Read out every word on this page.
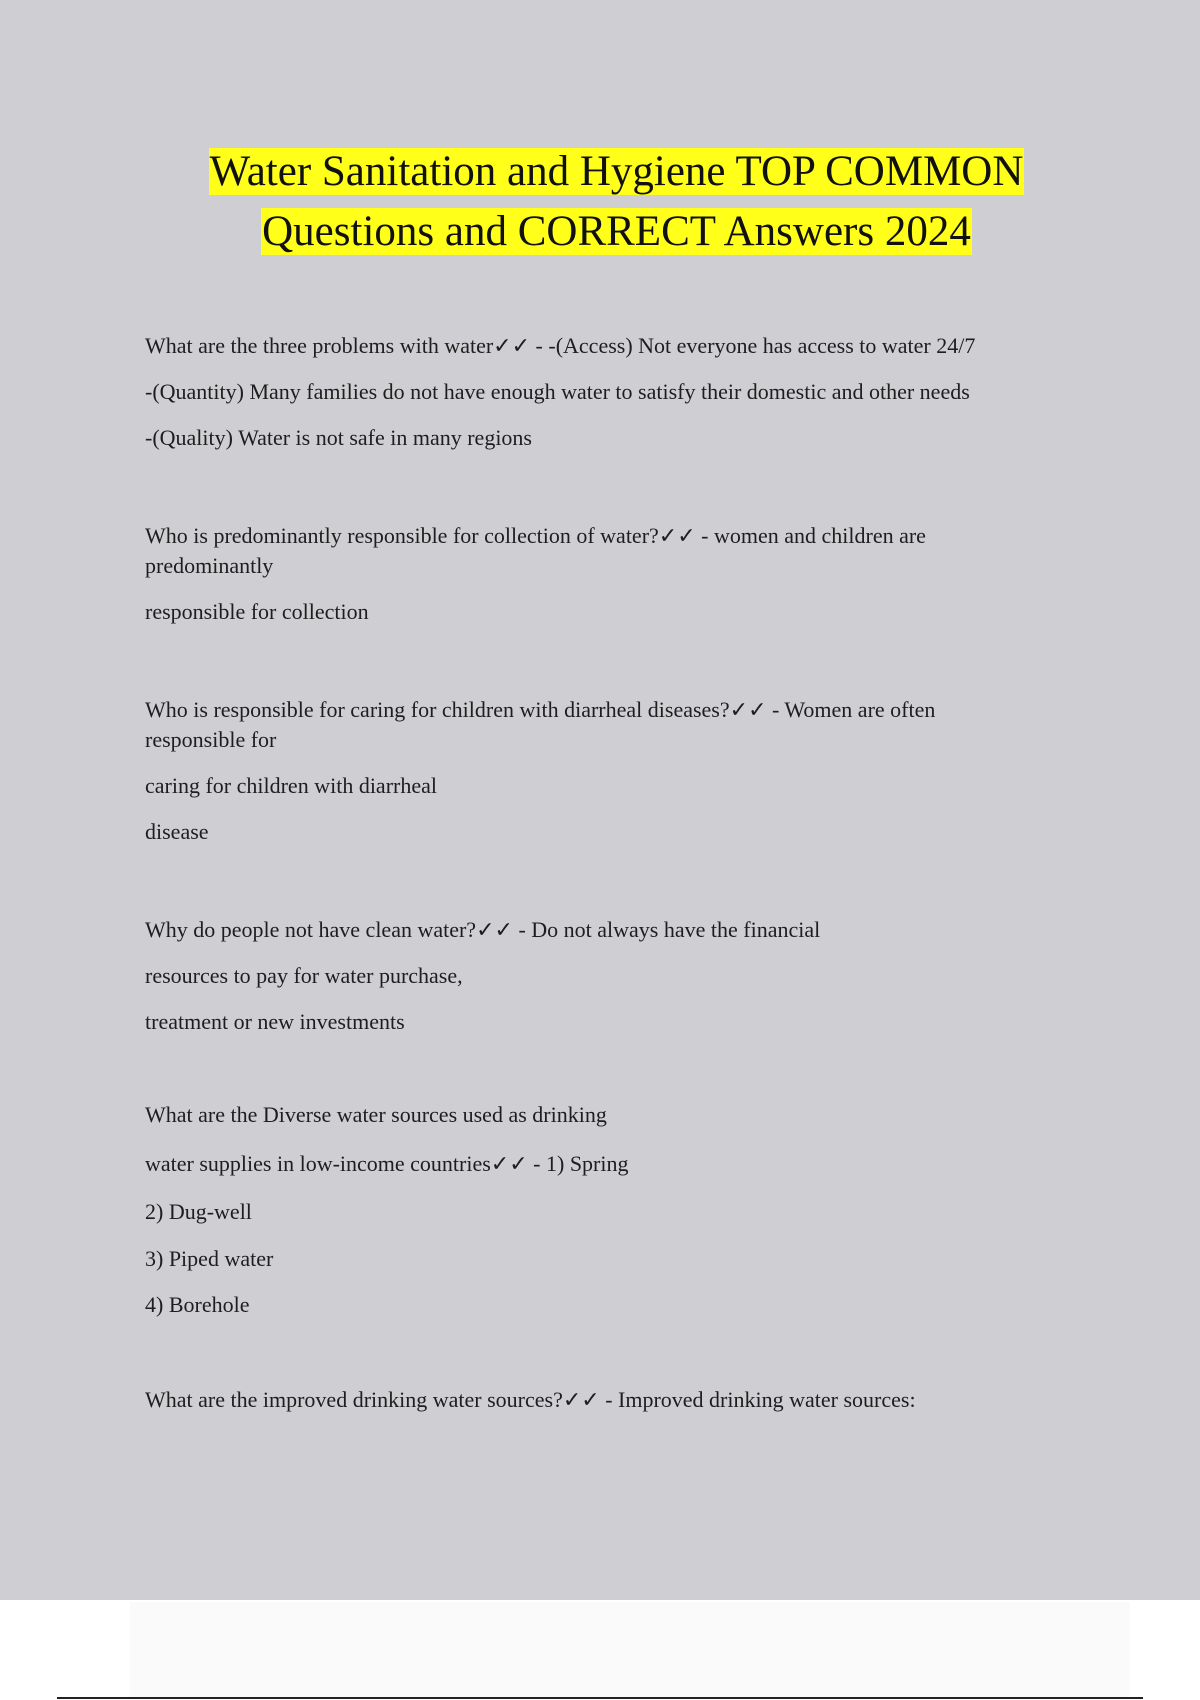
Water Sanitation and Hygiene TOP COMMON
Questions and CORRECT Answers 2024
What are the three problems with water✓✓ - -(Access) Not everyone has access to water 24/7
-(Quantity) Many families do not have enough water to satisfy their domestic and other needs
-(Quality) Water is not safe in many regions
Who is predominantly responsible for collection of water?✓✓ - women and children are
predominantly
responsible for collection
Who is responsible for caring for children with diarrheal diseases?✓✓ - Women are often
responsible for
caring for children with diarrheal
disease
Why do people not have clean water?✓✓ - Do not always have the financial
resources to pay for water purchase,
treatment or new investments
What are the Diverse water sources used as drinking
water supplies in low-income countries✓✓ - 1) Spring
2) Dug-well
3) Piped water
4) Borehole
What are the improved drinking water sources?✓✓ - Improved drinking water sources:
